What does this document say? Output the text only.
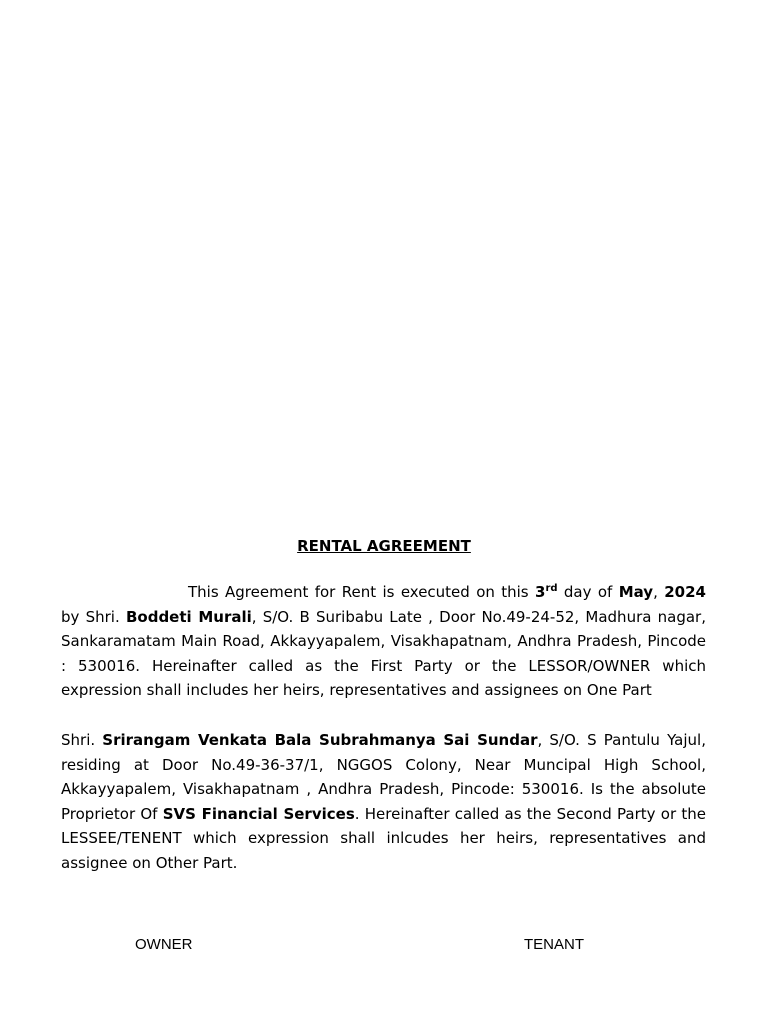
RENTAL AGREEMENT

This Agreement for Rent is executed on this 3rd day of May, 2024 by Shri. Boddeti Murali, S/O. B Suribabu Late , Door No.49-24-52, Madhura nagar, Sankaramatam Main Road, Akkayyapalem, Visakhapatnam, Andhra Pradesh, Pincode : 530016. Hereinafter called as the First Party or the LESSOR/OWNER which expression shall includes her heirs, representatives and assignees on One Part

Shri. Srirangam Venkata Bala Subrahmanya Sai Sundar, S/O. S Pantulu Yajul, residing at Door No.49-36-37/1, NGGOS Colony, Near Muncipal High School, Akkayyapalem, Visakhapatnam , Andhra Pradesh, Pincode: 530016. Is the absolute Proprietor Of SVS Financial Services. Hereinafter called as the Second Party or the LESSEE/TENENT which expression shall inlcudes her heirs, representatives and assignee on Other Part.

OWNER	TENANT
